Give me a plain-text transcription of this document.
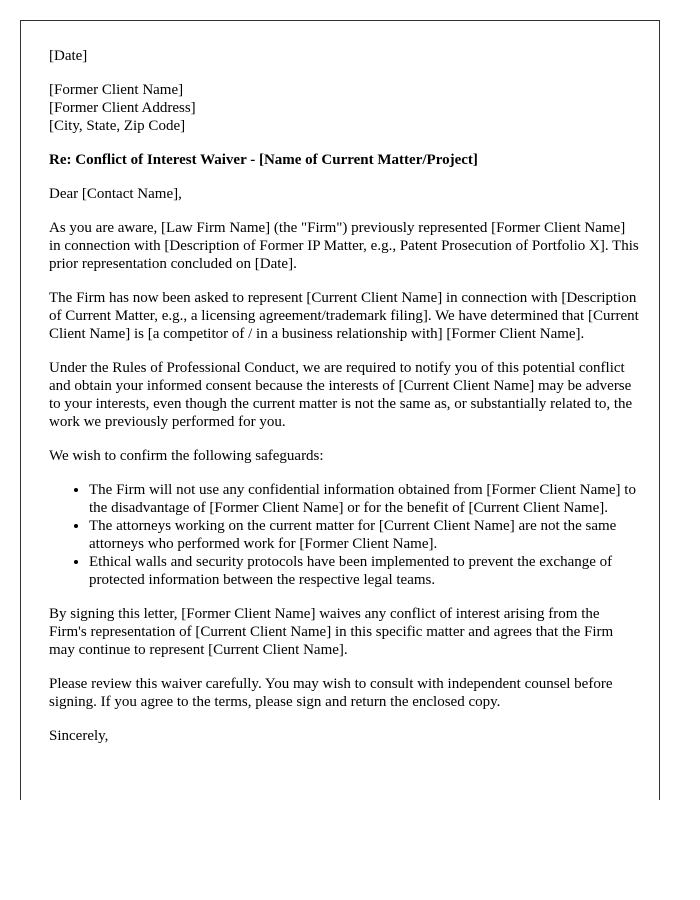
[Date]

[Former Client Name]
[Former Client Address]
[City, State, Zip Code]

Re: Conflict of Interest Waiver - [Name of Current Matter/Project]

Dear [Contact Name],

As you are aware, [Law Firm Name] (the "Firm") previously represented [Former Client Name] in connection with [Description of Former IP Matter, e.g., Patent Prosecution of Portfolio X]. This prior representation concluded on [Date].

The Firm has now been asked to represent [Current Client Name] in connection with [Description of Current Matter, e.g., a licensing agreement/trademark filing]. We have determined that [Current Client Name] is [a competitor of / in a business relationship with] [Former Client Name].

Under the Rules of Professional Conduct, we are required to notify you of this potential conflict and obtain your informed consent because the interests of [Current Client Name] may be adverse to your interests, even though the current matter is not the same as, or substantially related to, the work we previously performed for you.

We wish to confirm the following safeguards:

• The Firm will not use any confidential information obtained from [Former Client Name] to the disadvantage of [Former Client Name] or for the benefit of [Current Client Name].
• The attorneys working on the current matter for [Current Client Name] are not the same attorneys who performed work for [Former Client Name].
• Ethical walls and security protocols have been implemented to prevent the exchange of protected information between the respective legal teams.

By signing this letter, [Former Client Name] waives any conflict of interest arising from the Firm's representation of [Current Client Name] in this specific matter and agrees that the Firm may continue to represent [Current Client Name].

Please review this waiver carefully. You may wish to consult with independent counsel before signing. If you agree to the terms, please sign and return the enclosed copy.

Sincerely,
